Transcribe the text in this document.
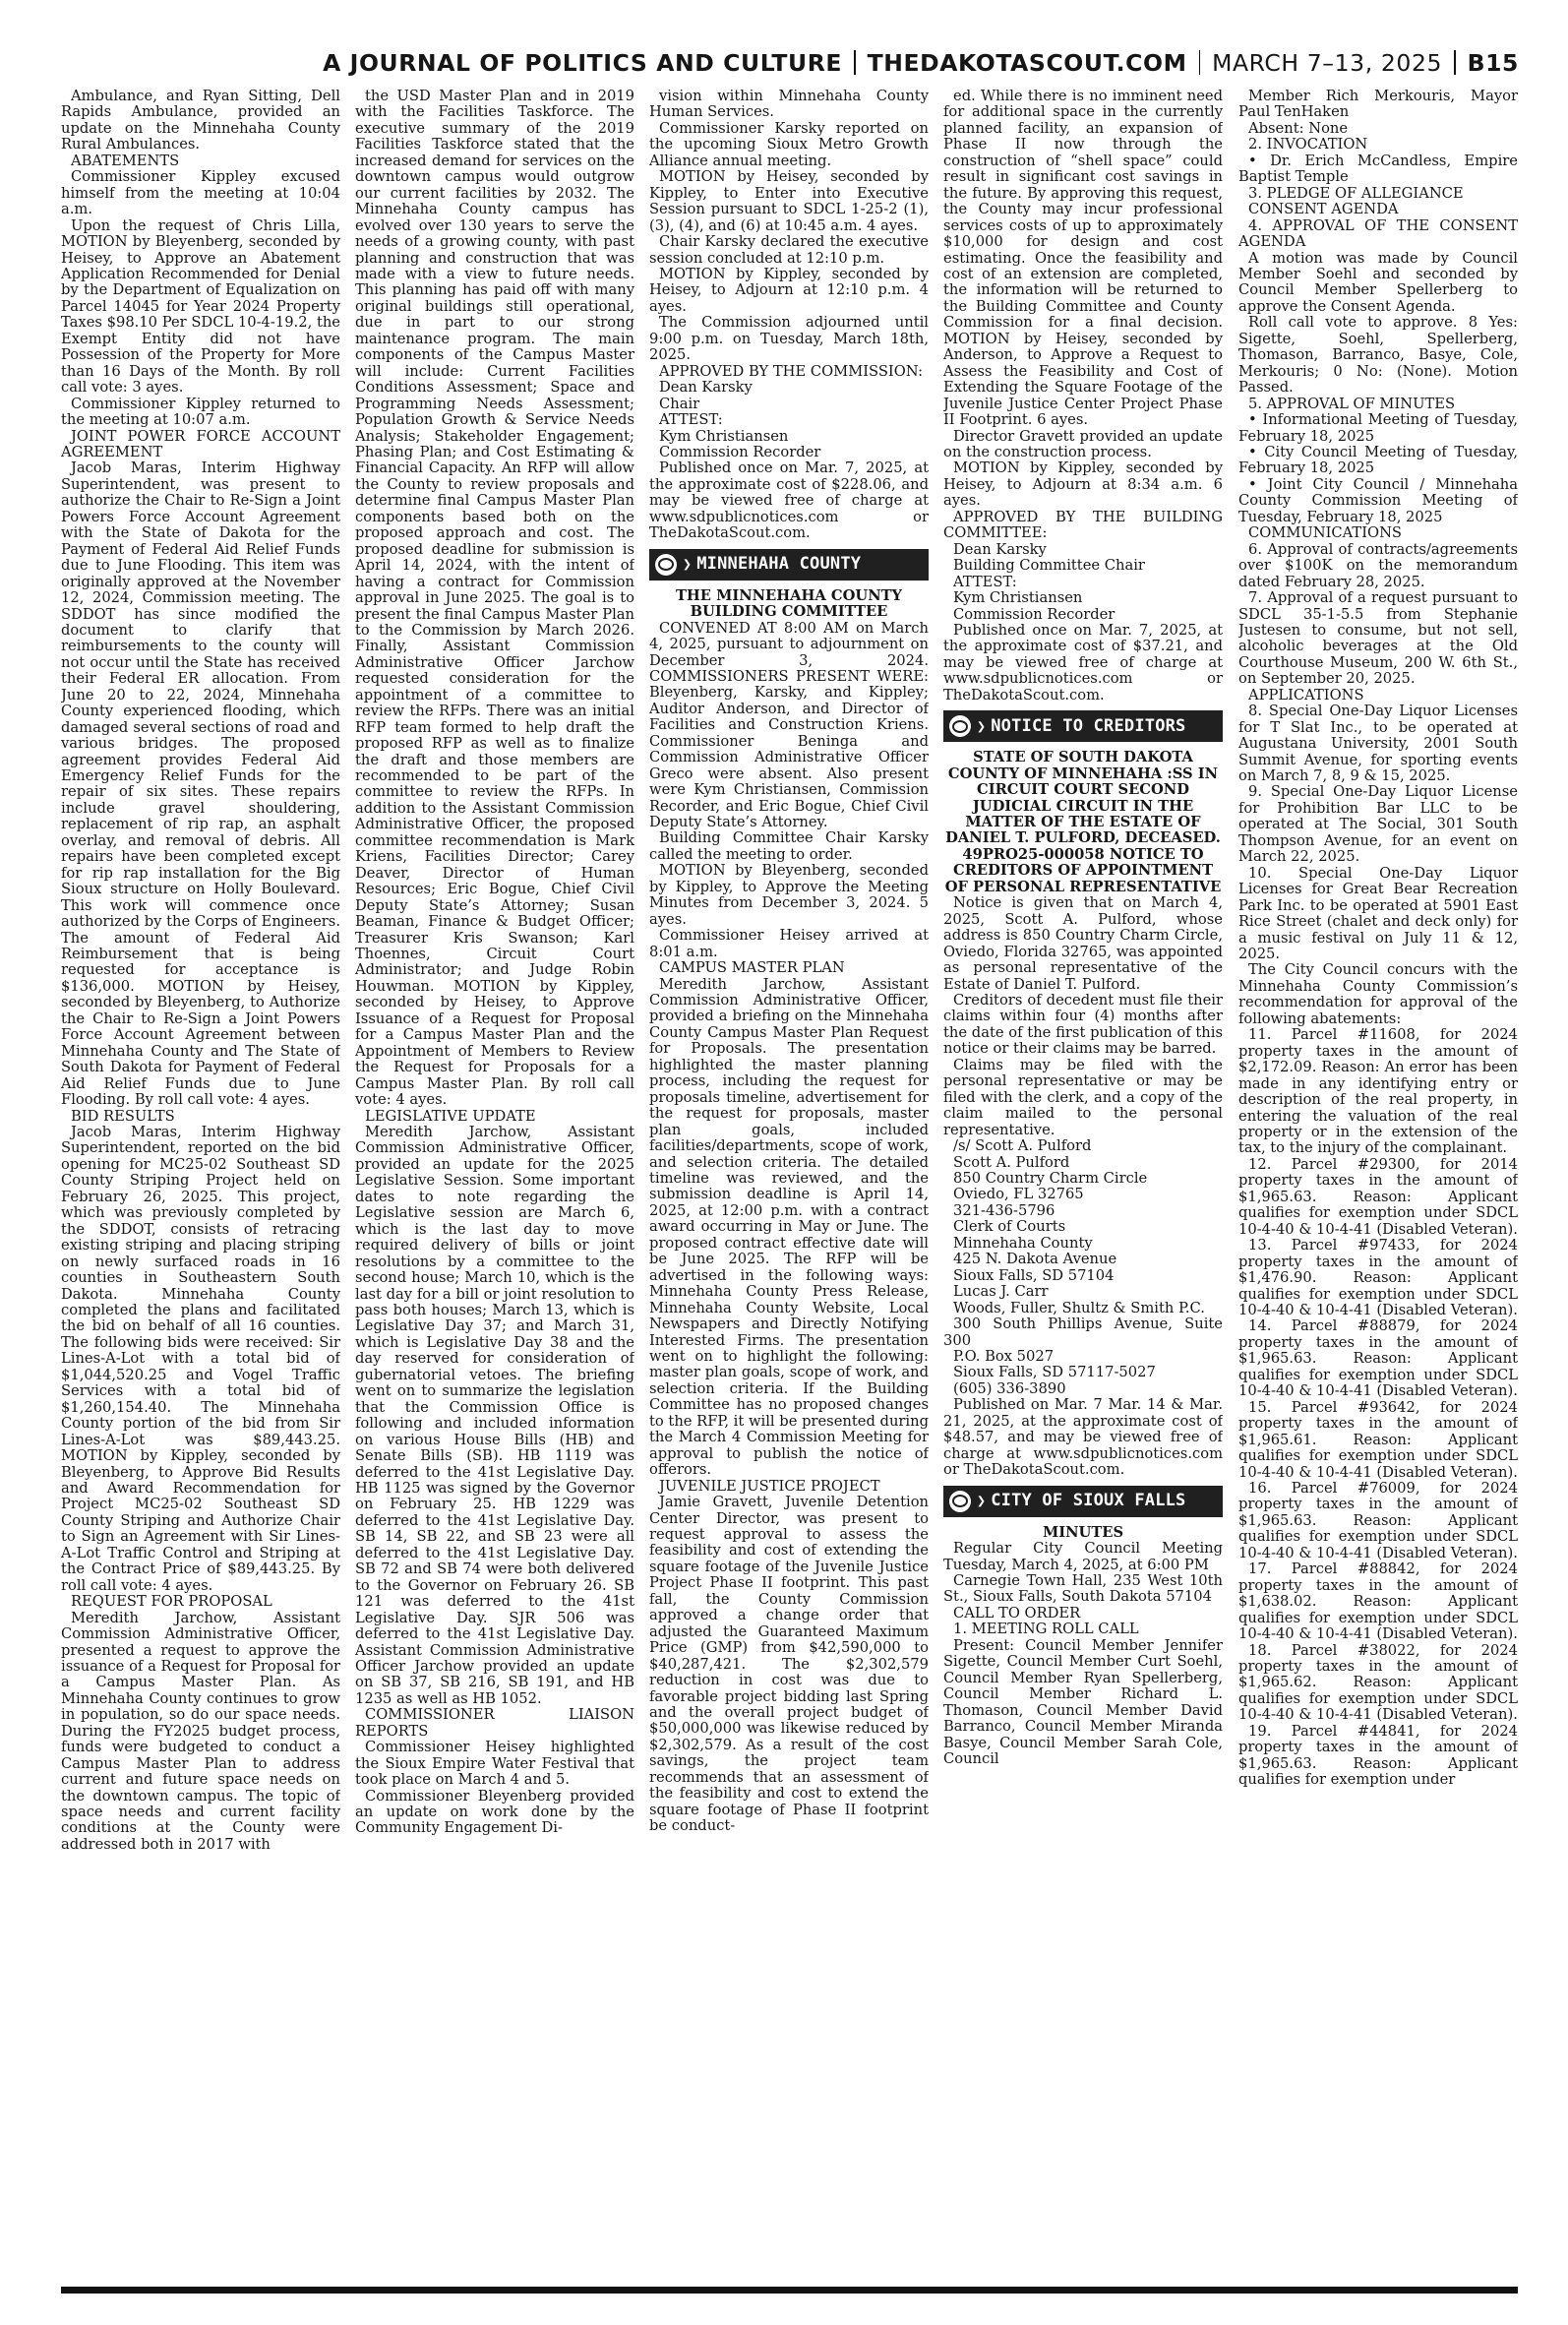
A JOURNAL OF POLITICS AND CULTURE THEDAKOTASCOUT.COM MARCH 7–13, 2025 B15

Ambulance, and Ryan Sitting, Dell Rapids Ambulance, provided an update on the Minnehaha County Rural Ambulances.

ABATEMENTS

Commissioner Kippley excused himself from the meeting at 10:04 a.m.

Upon the request of Chris Lilla, MOTION by Bleyenberg, seconded by Heisey, to Approve an Abatement Application Recommended for Denial by the Department of Equalization on Parcel 14045 for Year 2024 Property Taxes $98.10 Per SDCL 10-4-19.2, the Exempt Entity did not have Possession of the Property for More than 16 Days of the Month. By roll call vote: 3 ayes.

Commissioner Kippley returned to the meeting at 10:07 a.m.

JOINT POWER FORCE ACCOUNT AGREEMENT

Jacob Maras, Interim Highway Superintendent, was present to authorize the Chair to Re-Sign a Joint Powers Force Account Agreement with the State of Dakota for the Payment of Federal Aid Relief Funds due to June Flooding. This item was originally approved at the November 12, 2024, Commission meeting. The SDDOT has since modified the document to clarify that reimbursements to the county will not occur until the State has received their Federal ER allocation. From June 20 to 22, 2024, Minnehaha County experienced flooding, which damaged several sections of road and various bridges. The proposed agreement provides Federal Aid Emergency Relief Funds for the repair of six sites. These repairs include gravel shouldering, replacement of rip rap, an asphalt overlay, and removal of debris. All repairs have been completed except for rip rap installation for the Big Sioux structure on Holly Boulevard. This work will commence once authorized by the Corps of Engineers. The amount of Federal Aid Reimbursement that is being requested for acceptance is $136,000. MOTION by Heisey, seconded by Bleyenberg, to Authorize the Chair to Re-Sign a Joint Powers Force Account Agreement between Minnehaha County and The State of South Dakota for Payment of Federal Aid Relief Funds due to June Flooding. By roll call vote: 4 ayes.

BID RESULTS

Jacob Maras, Interim Highway Superintendent, reported on the bid opening for MC25-02 Southeast SD County Striping Project held on February 26, 2025. This project, which was previously completed by the SDDOT, consists of retracing existing striping and placing striping on newly surfaced roads in 16 counties in Southeastern South Dakota. Minnehaha County completed the plans and facilitated the bid on behalf of all 16 counties. The following bids were received: Sir Lines-A-Lot with a total bid of $1,044,520.25 and Vogel Traffic Services with a total bid of $1,260,154.40. The Minnehaha County portion of the bid from Sir Lines-A-Lot was $89,443.25. MOTION by Kippley, seconded by Bleyenberg, to Approve Bid Results and Award Recommendation for Project MC25-02 Southeast SD County Striping and Authorize Chair to Sign an Agreement with Sir Lines-A-Lot Traffic Control and Striping at the Contract Price of $89,443.25. By roll call vote: 4 ayes.

REQUEST FOR PROPOSAL

Meredith Jarchow, Assistant Commission Administrative Officer, presented a request to approve the issuance of a Request for Proposal for a Campus Master Plan. As Minnehaha County continues to grow in population, so do our space needs. During the FY2025 budget process, funds were budgeted to conduct a Campus Master Plan to address current and future space needs on the downtown campus. The topic of space needs and current facility conditions at the County were addressed both in 2017 with

the USD Master Plan and in 2019 with the Facilities Taskforce. The executive summary of the 2019 Facilities Taskforce stated that the increased demand for services on the downtown campus would outgrow our current facilities by 2032. The Minnehaha County campus has evolved over 130 years to serve the needs of a growing county, with past planning and construction that was made with a view to future needs. This planning has paid off with many original buildings still operational, due in part to our strong maintenance program. The main components of the Campus Master will include: Current Facilities Conditions Assessment; Space and Programming Needs Assessment; Population Growth & Service Needs Analysis; Stakeholder Engagement; Phasing Plan; and Cost Estimating & Financial Capacity. An RFP will allow the County to review proposals and determine final Campus Master Plan components based both on the proposed approach and cost. The proposed deadline for submission is April 14, 2024, with the intent of having a contract for Commission approval in June 2025. The goal is to present the final Campus Master Plan to the Commission by March 2026. Finally, Assistant Commission Administrative Officer Jarchow requested consideration for the appointment of a committee to review the RFPs. There was an initial RFP team formed to help draft the proposed RFP as well as to finalize the draft and those members are recommended to be part of the committee to review the RFPs. In addition to the Assistant Commission Administrative Officer, the proposed committee recommendation is Mark Kriens, Facilities Director; Carey Deaver, Director of Human Resources; Eric Bogue, Chief Civil Deputy State’s Attorney; Susan Beaman, Finance & Budget Officer; Treasurer Kris Swanson; Karl Thoennes, Circuit Court Administrator; and Judge Robin Houwman. MOTION by Kippley, seconded by Heisey, to Approve Issuance of a Request for Proposal for a Campus Master Plan and the Appointment of Members to Review the Request for Proposals for a Campus Master Plan. By roll call vote: 4 ayes.

LEGISLATIVE UPDATE

Meredith Jarchow, Assistant Commission Administrative Officer, provided an update for the 2025 Legislative Session. Some important dates to note regarding the Legislative session are March 6, which is the last day to move required delivery of bills or joint resolutions by a committee to the second house; March 10, which is the last day for a bill or joint resolution to pass both houses; March 13, which is Legislative Day 37; and March 31, which is Legislative Day 38 and the day reserved for consideration of gubernatorial vetoes. The briefing went on to summarize the legislation that the Commission Office is following and included information on various House Bills (HB) and Senate Bills (SB). HB 1119 was deferred to the 41st Legislative Day. HB 1125 was signed by the Governor on February 25. HB 1229 was deferred to the 41st Legislative Day. SB 14, SB 22, and SB 23 were all deferred to the 41st Legislative Day. SB 72 and SB 74 were both delivered to the Governor on February 26. SB 121 was deferred to the 41st Legislative Day. SJR 506 was deferred to the 41st Legislative Day. Assistant Commission Administrative Officer Jarchow provided an update on SB 37, SB 216, SB 191, and HB 1235 as well as HB 1052.

COMMISSIONER LIAISON REPORTS

Commissioner Heisey highlighted the Sioux Empire Water Festival that took place on March 4 and 5.

Commissioner Bleyenberg provided an update on work done by the Community Engagement Di-

vision within Minnehaha County Human Services.

Commissioner Karsky reported on the upcoming Sioux Metro Growth Alliance annual meeting.

MOTION by Heisey, seconded by Kippley, to Enter into Executive Session pursuant to SDCL 1-25-2 (1), (3), (4), and (6) at 10:45 a.m. 4 ayes.

Chair Karsky declared the executive session concluded at 12:10 p.m.

MOTION by Kippley, seconded by Heisey, to Adjourn at 12:10 p.m. 4 ayes.

The Commission adjourned until 9:00 p.m. on Tuesday, March 18th, 2025.

APPROVED BY THE COMMISSION:

Dean Karsky

Chair

ATTEST:

Kym Christiansen

Commission Recorder

Published once on Mar. 7, 2025, at the approximate cost of $228.06, and may be viewed free of charge at www.sdpublicnotices.com or TheDakotaScout.com.

❯ MINNEHAHA COUNTY

THE MINNEHAHA COUNTY BUILDING COMMITTEE

CONVENED AT 8:00 AM on March 4, 2025, pursuant to adjournment on December 3, 2024. COMMISSIONERS PRESENT WERE: Bleyenberg, Karsky, and Kippley; Auditor Anderson, and Director of Facilities and Construction Kriens. Commissioner Beninga and Commission Administrative Officer Greco were absent. Also present were Kym Christiansen, Commission Recorder, and Eric Bogue, Chief Civil Deputy State’s Attorney.

Building Committee Chair Karsky called the meeting to order.

MOTION by Bleyenberg, seconded by Kippley, to Approve the Meeting Minutes from December 3, 2024. 5 ayes.

Commissioner Heisey arrived at 8:01 a.m.

CAMPUS MASTER PLAN

Meredith Jarchow, Assistant Commission Administrative Officer, provided a briefing on the Minnehaha County Campus Master Plan Request for Proposals. The presentation highlighted the master planning process, including the request for proposals timeline, advertisement for the request for proposals, master plan goals, included facilities/departments, scope of work, and selection criteria. The detailed timeline was reviewed, and the submission deadline is April 14, 2025, at 12:00 p.m. with a contract award occurring in May or June. The proposed contract effective date will be June 2025. The RFP will be advertised in the following ways: Minnehaha County Press Release, Minnehaha County Website, Local Newspapers and Directly Notifying Interested Firms. The presentation went on to highlight the following: master plan goals, scope of work, and selection criteria. If the Building Committee has no proposed changes to the RFP, it will be presented during the March 4 Commission Meeting for approval to publish the notice of offerors.

JUVENILE JUSTICE PROJECT

Jamie Gravett, Juvenile Detention Center Director, was present to request approval to assess the feasibility and cost of extending the square footage of the Juvenile Justice Project Phase II footprint. This past fall, the County Commission approved a change order that adjusted the Guaranteed Maximum Price (GMP) from $42,590,000 to $40,287,421. The $2,302,579 reduction in cost was due to favorable project bidding last Spring and the overall project budget of $50,000,000 was likewise reduced by $2,302,579. As a result of the cost savings, the project team recommends that an assessment of the feasibility and cost to extend the square footage of Phase II footprint be conduct-

ed. While there is no imminent need for additional space in the currently planned facility, an expansion of Phase II now through the construction of “shell space” could result in significant cost savings in the future. By approving this request, the County may incur professional services costs of up to approximately $10,000 for design and cost estimating. Once the feasibility and cost of an extension are completed, the information will be returned to the Building Committee and County Commission for a final decision. MOTION by Heisey, seconded by Anderson, to Approve a Request to Assess the Feasibility and Cost of Extending the Square Footage of the Juvenile Justice Center Project Phase II Footprint. 6 ayes.

Director Gravett provided an update on the construction process.

MOTION by Kippley, seconded by Heisey, to Adjourn at 8:34 a.m. 6 ayes.

APPROVED BY THE BUILDING COMMITTEE:

Dean Karsky

Building Committee Chair

ATTEST:

Kym Christiansen

Commission Recorder

Published once on Mar. 7, 2025, at the approximate cost of $37.21, and may be viewed free of charge at www.sdpublicnotices.com or TheDakotaScout.com.

❯ NOTICE TO CREDITORS

STATE OF SOUTH DAKOTA COUNTY OF MINNEHAHA :SS IN CIRCUIT COURT SECOND JUDICIAL CIRCUIT IN THE MATTER OF THE ESTATE OF DANIEL T. PULFORD, DECEASED. 49PRO25-000058 NOTICE TO CREDITORS OF APPOINTMENT OF PERSONAL REPRESENTATIVE

Notice is given that on March 4, 2025, Scott A. Pulford, whose address is 850 Country Charm Circle, Oviedo, Florida 32765, was appointed as personal representative of the Estate of Daniel T. Pulford.

Creditors of decedent must file their claims within four (4) months after the date of the first publication of this notice or their claims may be barred.

Claims may be filed with the personal representative or may be filed with the clerk, and a copy of the claim mailed to the personal representative.

/s/ Scott A. Pulford

Scott A. Pulford

850 Country Charm Circle

Oviedo, FL 32765

321-436-5796

Clerk of Courts

Minnehaha County

425 N. Dakota Avenue

Sioux Falls, SD 57104

Lucas J. Carr

Woods, Fuller, Shultz & Smith P.C.

300 South Phillips Avenue, Suite 300

P.O. Box 5027

Sioux Falls, SD 57117-5027

(605) 336-3890

Published on Mar. 7 Mar. 14 & Mar. 21, 2025, at the approximate cost of $48.57, and may be viewed free of charge at www.sdpublicnotices.com or TheDakotaScout.com.

❯ CITY OF SIOUX FALLS

MINUTES

Regular City Council Meeting Tuesday, March 4, 2025, at 6:00 PM

Carnegie Town Hall, 235 West 10th St., Sioux Falls, South Dakota 57104

CALL TO ORDER

1. MEETING ROLL CALL

Present: Council Member Jennifer Sigette, Council Member Curt Soehl, Council Member Ryan Spellerberg, Council Member Richard L. Thomason, Council Member David Barranco, Council Member Miranda Basye, Council Member Sarah Cole, Council

Member Rich Merkouris, Mayor Paul TenHaken

Absent: None

2. INVOCATION

• Dr. Erich McCandless, Empire Baptist Temple

3. PLEDGE OF ALLEGIANCE

CONSENT AGENDA

4. APPROVAL OF THE CONSENT AGENDA

A motion was made by Council Member Soehl and seconded by Council Member Spellerberg to approve the Consent Agenda.

Roll call vote to approve. 8 Yes: Sigette, Soehl, Spellerberg, Thomason, Barranco, Basye, Cole, Merkouris; 0 No: (None). Motion Passed.

5. APPROVAL OF MINUTES

• Informational Meeting of Tuesday, February 18, 2025

• City Council Meeting of Tuesday, February 18, 2025

• Joint City Council / Minnehaha County Commission Meeting of Tuesday, February 18, 2025

COMMUNICATIONS

6. Approval of contracts/agreements over $100K on the memorandum dated February 28, 2025.

7. Approval of a request pursuant to SDCL 35-1-5.5 from Stephanie Justesen to consume, but not sell, alcoholic beverages at the Old Courthouse Museum, 200 W. 6th St., on September 20, 2025.

APPLICATIONS

8. Special One-Day Liquor Licenses for T Slat Inc., to be operated at Augustana University, 2001 South Summit Avenue, for sporting events on March 7, 8, 9 & 15, 2025.

9. Special One-Day Liquor License for Prohibition Bar LLC to be operated at The Social, 301 South Thompson Avenue, for an event on March 22, 2025.

10. Special One-Day Liquor Licenses for Great Bear Recreation Park Inc. to be operated at 5901 East Rice Street (chalet and deck only) for a music festival on July 11 & 12, 2025.

The City Council concurs with the Minnehaha County Commission’s recommendation for approval of the following abatements:

11. Parcel #11608, for 2024 property taxes in the amount of $2,172.09. Reason: An error has been made in any identifying entry or description of the real property, in entering the valuation of the real property or in the extension of the tax, to the injury of the complainant.

12. Parcel #29300, for 2014 property taxes in the amount of $1,965.63. Reason: Applicant qualifies for exemption under SDCL 10-4-40 & 10-4-41 (Disabled Veteran).

13. Parcel #97433, for 2024 property taxes in the amount of $1,476.90. Reason: Applicant qualifies for exemption under SDCL 10-4-40 & 10-4-41 (Disabled Veteran).

14. Parcel #88879, for 2024 property taxes in the amount of $1,965.63. Reason: Applicant qualifies for exemption under SDCL 10-4-40 & 10-4-41 (Disabled Veteran).

15. Parcel #93642, for 2024 property taxes in the amount of $1,965.61. Reason: Applicant qualifies for exemption under SDCL 10-4-40 & 10-4-41 (Disabled Veteran).

16. Parcel #76009, for 2024 property taxes in the amount of $1,965.63. Reason: Applicant qualifies for exemption under SDCL 10-4-40 & 10-4-41 (Disabled Veteran).

17. Parcel #88842, for 2024 property taxes in the amount of $1,638.02. Reason: Applicant qualifies for exemption under SDCL 10-4-40 & 10-4-41 (Disabled Veteran).

18. Parcel #38022, for 2024 property taxes in the amount of $1,965.62. Reason: Applicant qualifies for exemption under SDCL 10-4-40 & 10-4-41 (Disabled Veteran).

19. Parcel #44841, for 2024 property taxes in the amount of $1,965.63. Reason: Applicant qualifies for exemption under
